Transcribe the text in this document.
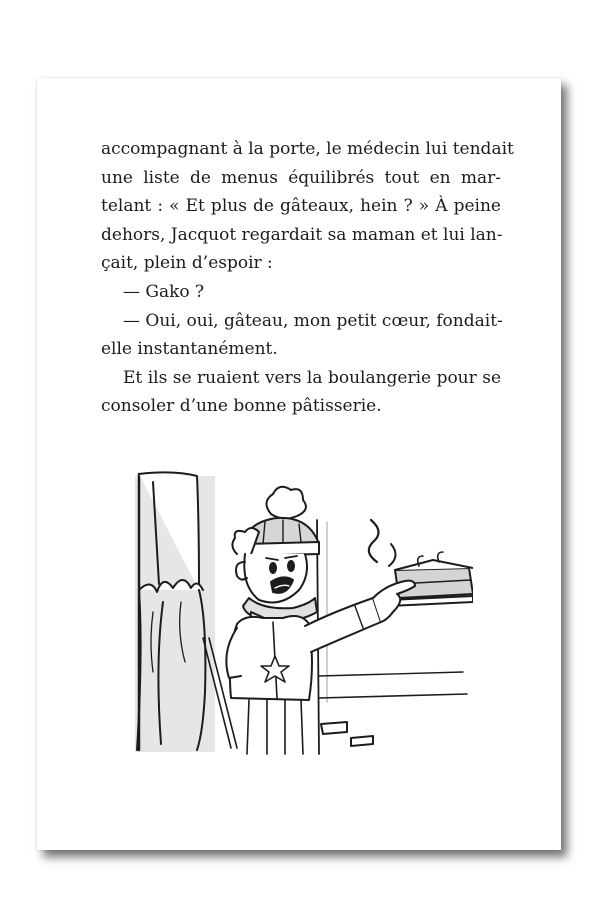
accompagnant à la porte, le médecin lui tendait
une liste de menus équilibrés tout en mar-
telant : « Et plus de gâteaux, hein ? » À peine
dehors, Jacquot regardait sa maman et lui lan-
çait, plein d’espoir :
— Gako ?
— Oui, oui, gâteau, mon petit cœur, fondait-
elle instantanément.
Et ils se ruaient vers la boulangerie pour se
consoler d’une bonne pâtisserie.
